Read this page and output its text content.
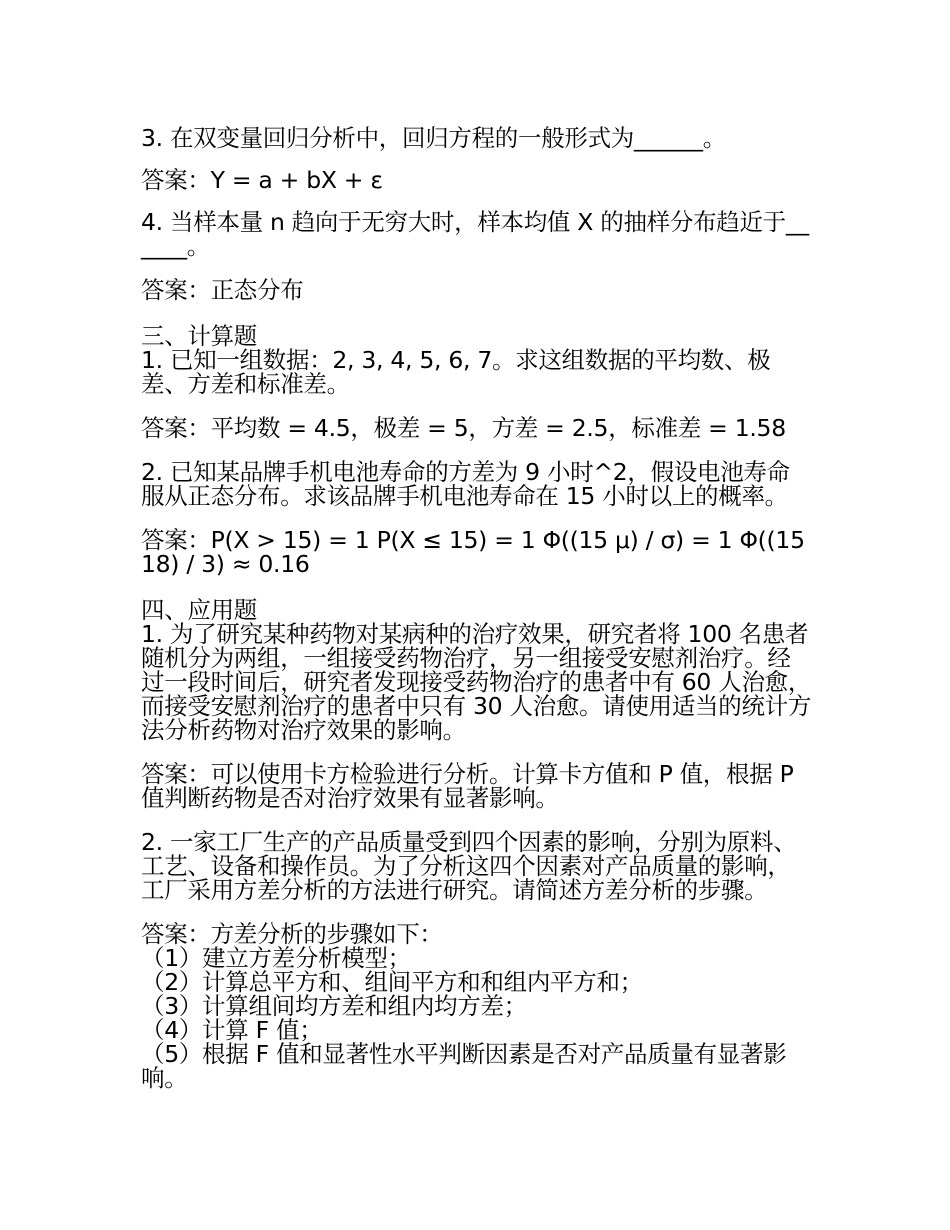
3. 在双变量回归分析中，回归方程的一般形式为______。

答案：Y = a + bX + ε

4. 当样本量 n 趋向于无穷大时，样本均值 X 的抽样分布趋近于______。

答案：正态分布

三、计算题

1. 已知一组数据：2, 3, 4, 5, 6, 7。求这组数据的平均数、极差、方差和标准差。

答案：平均数 = 4.5，极差 = 5，方差 = 2.5，标准差 = 1.58

2. 已知某品牌手机电池寿命的方差为 9 小时^2，假设电池寿命服从正态分布。求该品牌手机电池寿命在 15 小时以上的概率。

答案：P(X > 15) = 1 P(X ≤ 15) = 1 Φ((15 μ) / σ) = 1 Φ((15 18) / 3) ≈ 0.16

四、应用题

1. 为了研究某种药物对某病种的治疗效果，研究者将 100 名患者随机分为两组，一组接受药物治疗，另一组接受安慰剂治疗。经过一段时间后，研究者发现接受药物治疗的患者中有 60 人治愈，而接受安慰剂治疗的患者中只有 30 人治愈。请使用适当的统计方法分析药物对治疗效果的影响。

答案：可以使用卡方检验进行分析。计算卡方值和 P 值，根据 P 值判断药物是否对治疗效果有显著影响。

2. 一家工厂生产的产品质量受到四个因素的影响，分别为原料、工艺、设备和操作员。为了分析这四个因素对产品质量的影响，工厂采用方差分析的方法进行研究。请简述方差分析的步骤。

答案：方差分析的步骤如下：
（1）建立方差分析模型；
（2）计算总平方和、组间平方和和组内平方和；
（3）计算组间均方差和组内均方差；
（4）计算 F 值；
（5）根据 F 值和显著性水平判断因素是否对产品质量有显著影响。
